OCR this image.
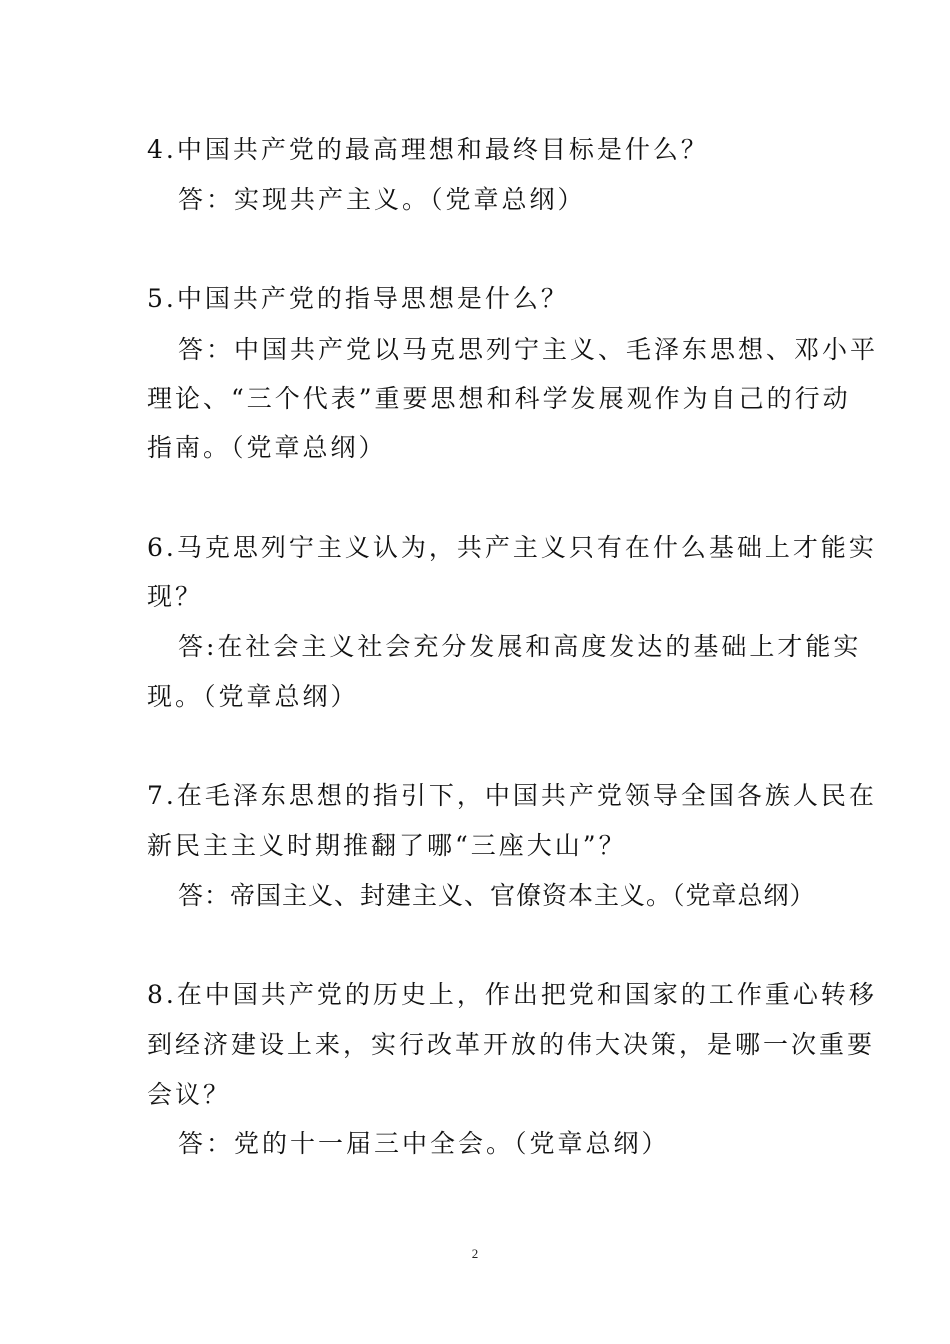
4.中国共产党的最高理想和最终目标是什么？
答：实现共产主义。（党章总纲）
5.中国共产党的指导思想是什么？
答：中国共产党以马克思列宁主义、毛泽东思想、邓小平
理论、“三个代表”重要思想和科学发展观作为自己的行动
指南。（党章总纲）
6.马克思列宁主义认为，共产主义只有在什么基础上才能实
现？
答:在社会主义社会充分发展和高度发达的基础上才能实
现。（党章总纲）
7.在毛泽东思想的指引下，中国共产党领导全国各族人民在
新民主主义时期推翻了哪“三座大山”？
答：帝国主义、封建主义、官僚资本主义。（党章总纲）
8.在中国共产党的历史上，作出把党和国家的工作重心转移
到经济建设上来，实行改革开放的伟大决策，是哪一次重要
会议？
答：党的十一届三中全会。（党章总纲）
2
